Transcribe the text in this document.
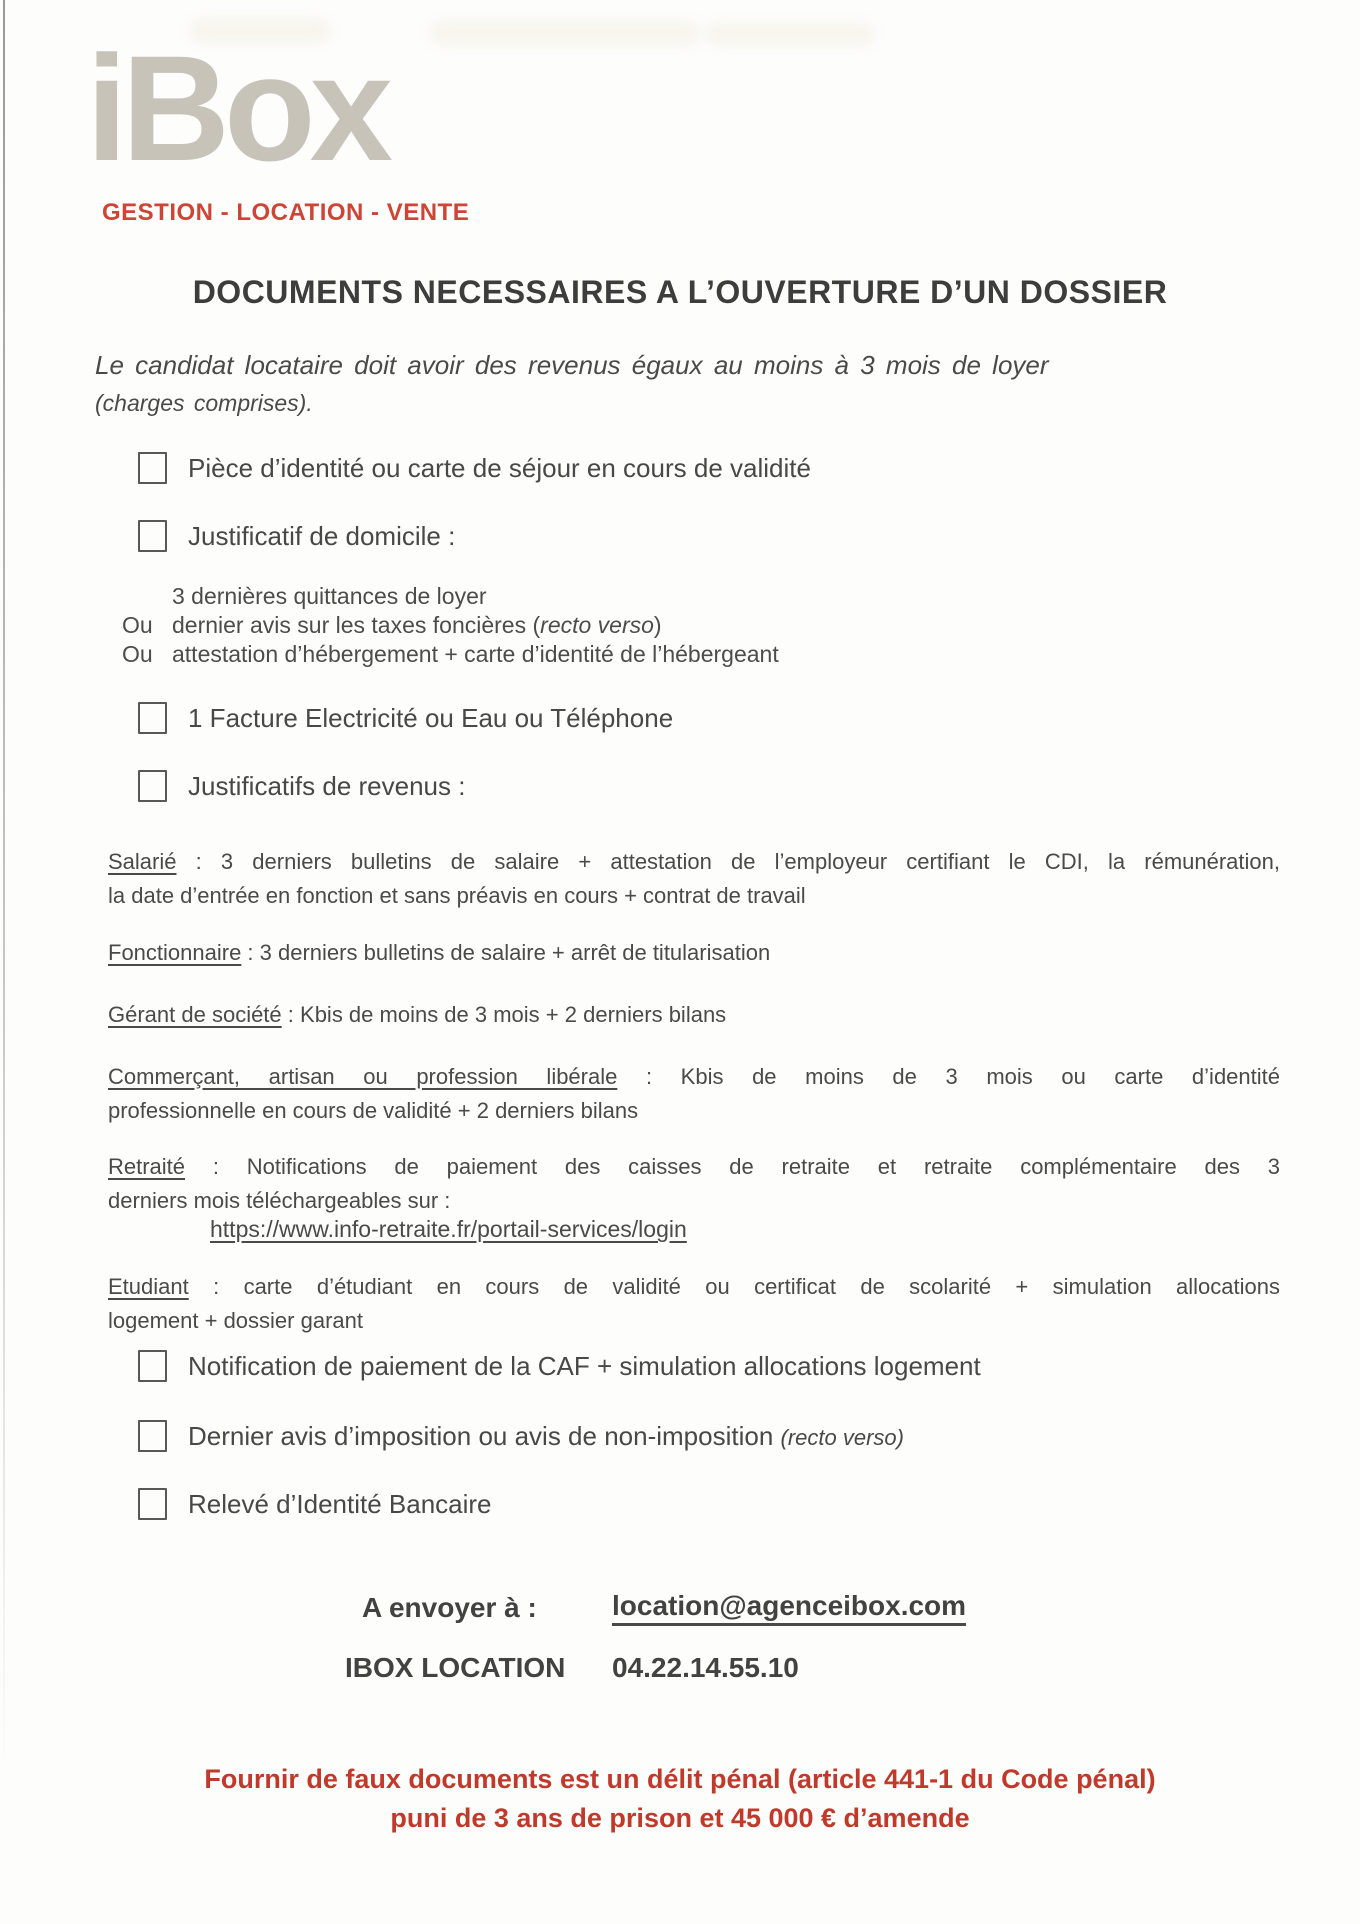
iBox
GESTION - LOCATION - VENTE
DOCUMENTS NECESSAIRES A L’OUVERTURE D’UN DOSSIER
Le candidat locataire doit avoir des revenus égaux au moins à 3 mois de loyer
(charges comprises).
Pièce d’identité ou carte de séjour en cours de validité
Justificatif de domicile :
3 dernières quittances de loyer
Ou dernier avis sur les taxes foncières (recto verso)
Ou attestation d’hébergement + carte d’identité de l’hébergeant
1 Facture Electricité ou Eau ou Téléphone
Justificatifs de revenus :
Salarié : 3 derniers bulletins de salaire + attestation de l’employeur certifiant le CDI, la rémunération,
la date d’entrée en fonction et sans préavis en cours + contrat de travail
Fonctionnaire : 3 derniers bulletins de salaire + arrêt de titularisation
Gérant de société : Kbis de moins de 3 mois + 2 derniers bilans
Commerçant, artisan ou profession libérale : Kbis de moins de 3 mois ou carte d’identité
professionnelle en cours de validité + 2 derniers bilans
Retraité : Notifications de paiement des caisses de retraite et retraite complémentaire des 3
derniers mois téléchargeables sur :
https://www.info-retraite.fr/portail-services/login
Etudiant : carte d’étudiant en cours de validité ou certificat de scolarité + simulation allocations
logement + dossier garant
Notification de paiement de la CAF + simulation allocations logement
Dernier avis d’imposition ou avis de non-imposition (recto verso)
Relevé d’Identité Bancaire
A envoyer à :	location@agenceibox.com
IBOX LOCATION 04.22.14.55.10
Fournir de faux documents est un délit pénal (article 441-1 du Code pénal)
puni de 3 ans de prison et 45 000 € d’amende
